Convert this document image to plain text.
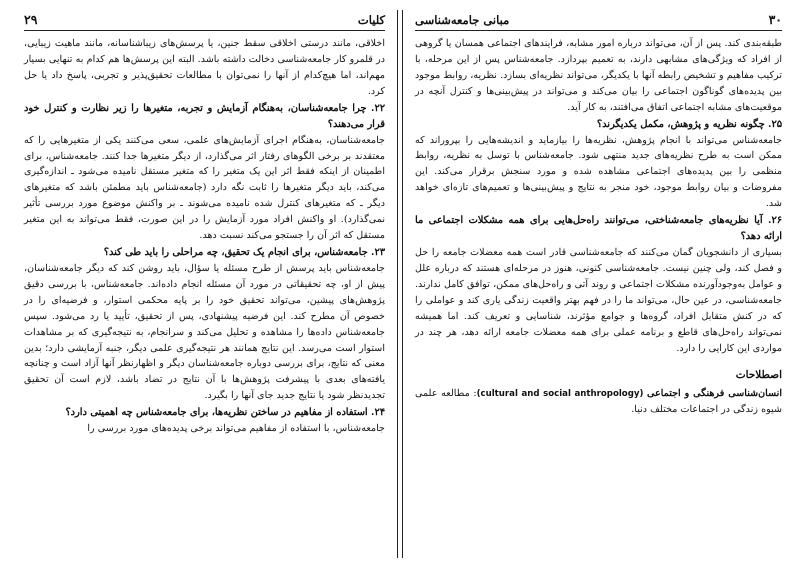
کلیات
۲۹

اخلاقی، مانند درستی اخلاقی سقط جنین، یا پرسش‌های زیباشناسانه، مانند ماهیت زیبایی، در قلمرو کار جامعه‌شناسی دخالت داشته باشد. البته این پرسش‌ها هم کدام به تنهایی بسیار مهم‌اند، اما هیچ‌کدام از آنها را نمی‌توان با مطالعات تحقیق‌پذیر و تجربی، پاسخ داد یا حل کرد.

۲۲. چرا جامعه‌شناسان، به‌هنگام آزمایش و تجربه، متغیرها را زیر نظارت و کنترل خود قرار می‌دهند؟

جامعه‌شناسان، به‌هنگام اجرای آزمایش‌های علمی، سعی می‌کنند یکی از متغیرهایی را که معتقدند بر برخی الگوهای رفتار اثر می‌گذارد، از دیگر متغیرها جدا کنند. جامعه‌شناس، برای اطمینان از اینکه فقط اثر این یک متغیر را که متغیر مستقل نامیده می‌شود ـ اندازه‌گیری می‌کند، باید دیگر متغیرها را ثابت نگه دارد (جامعه‌شناس باید مطمئن باشد که متغیرهای دیگر ـ که متغیرهای کنترل شده نامیده می‌شوند ـ بر واکنش موضوع مورد بررسی تأثیر نمی‌گذارد). او واکنش افراد مورد آزمایش را در این صورت، فقط می‌تواند به این متغیر مستقل که اثر آن را جستجو می‌کند نسبت دهد.

۲۳. جامعه‌شناس، برای انجام یک تحقیق، چه مراحلی را باید طی کند؟

جامعه‌شناس باید پرسش از طرح مسئله یا سؤال، باید روشن کند که دیگر جامعه‌شناسان، پیش از او، چه تحقیقاتی در مورد آن مسئله انجام داده‌اند. جامعه‌شناس، با بررسی دقیق پژوهش‌های پیشین، می‌تواند تحقیق خود را بر پایه محکمی استوار، و فرضیه‌ای را در خصوص آن مطرح کند. این فرضیه پیشنهادی، پس از تحقیق، تأیید یا رد می‌شود. سپس جامعه‌شناس داده‌ها را مشاهده و تحلیل می‌کند و سرانجام، به نتیجه‌گیری که بر مشاهدات استوار است می‌رسد. این نتایج همانند هر نتیجه‌گیری علمی دیگر، جنبه آزمایشی دارد؛ بدین معنی که نتایج، برای بررسی دوباره جامعه‌شناسان دیگر و اظهارنظر آنها آزاد است و چنانچه یافته‌های بعدی با پیشرفت پژوهش‌ها با آن نتایج در تضاد باشد، لازم است آن تحقیق تجدیدنظر شود یا نتایج جدید جای آنها را بگیرد.

۲۴. استفاده از مفاهیم در ساختن نظریه‌ها، برای جامعه‌شناس چه اهمیتی دارد؟

جامعه‌شناس، با استفاده از مفاهیم می‌تواند برخی پدیده‌های مورد بررسی را

۳۰
مبانی جامعه‌شناسی

طبقه‌بندی کند. پس از آن، می‌تواند درباره امور مشابه، فرایندهای اجتماعی همسان یا گروهی از افراد که ویژگی‌های مشابهی دارند، به تعمیم بپردازد. جامعه‌شناس پس از این مرحله، با ترکیب مفاهیم و تشخیص رابطه آنها با یکدیگر، می‌تواند نظریه‌ای بسازد. نظریه، روابط موجود بین پدیده‌های گوناگون اجتماعی را بیان می‌کند و می‌تواند در پیش‌بینی‌ها و کنترل آنچه در موقعیت‌های مشابه اجتماعی اتفاق می‌افتند، به کار آید.

۲۵. چگونه نظریه و پژوهش، مکمل یکدیگرند؟

جامعه‌شناس می‌تواند با انجام پژوهش، نظریه‌ها را بیازماید و اندیشه‌هایی را بپروراند که ممکن است به طرح نظریه‌های جدید منتهی شود. جامعه‌شناس با توسل به نظریه، روابط منظمی را بین پدیده‌های اجتماعی مشاهده شده و مورد سنجش برقرار می‌کند. این مفروضات و بیان روابط موجود، خود منجر به نتایج و پیش‌بینی‌ها و تعمیم‌های تازه‌ای خواهد شد.

۲۶. آیا نظریه‌های جامعه‌شناختی، می‌توانند راه‌حل‌هایی برای همه مشکلات اجتماعی ما ارائه دهد؟

بسیاری از دانشجویان گمان می‌کنند که جامعه‌شناسی قادر است همه معضلات جامعه را حل و فصل کند، ولی چنین نیست. جامعه‌شناسی کنونی، هنوز در مرحله‌ای هستند که درباره علل و عوامل به‌وجودآورنده مشکلات اجتماعی و روند آتی و راه‌حل‌های ممکن، توافق کامل ندارند. جامعه‌شناسی، در عین حال، می‌تواند ما را در فهم بهتر واقعیت زندگی یاری کند و عواملی را که در کنش متقابل افراد، گروه‌ها و جوامع مؤثرند، شناسایی و تعریف کند. اما همیشه نمی‌تواند راه‌حل‌های قاطع و برنامه عملی برای همه معضلات جامعه ارائه دهد، هر چند در مواردی این کارایی را دارد.

اصطلاحات

انسان‌شناسی فرهنگی و اجتماعی (cultural and social anthropology): مطالعه علمی شیوه زندگی در اجتماعات مختلف دنیا.
